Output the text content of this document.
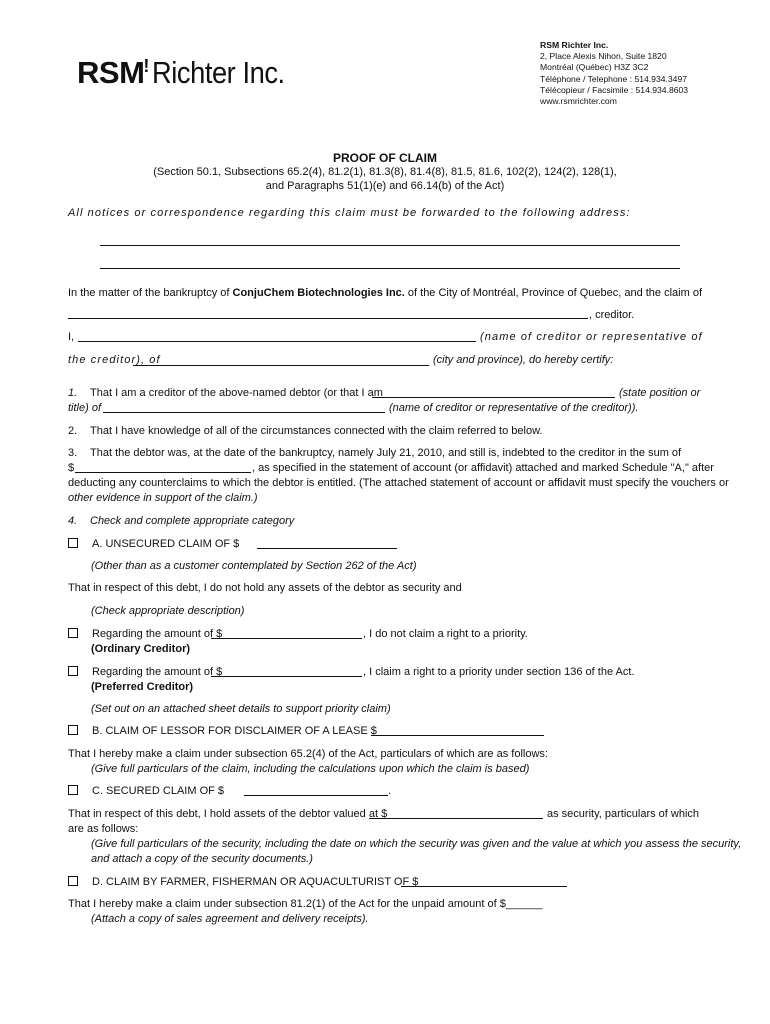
RSM!Richter Inc.
RSM Richter Inc.
2, Place Alexis Nihon, Suite 1820
Montréal (Québec) H3Z 3C2
Téléphone / Telephone : 514.934.3497
Télécopieur / Facsimile : 514.934.8603
www.rsmrichter.com
PROOF OF CLAIM
(Section 50.1, Subsections 65.2(4), 81.2(1), 81.3(8), 81.4(8), 81.5, 81.6, 102(2), 124(2), 128(1),
and Paragraphs 51(1)(e) and 66.14(b) of the Act)
All notices or correspondence regarding this claim must be forwarded to the following address:
In the matter of the bankruptcy of ConjuChem Biotechnologies Inc. of the City of Montréal, Province of Quebec, and the claim of
, creditor.
I,	(name of creditor or representative of
the creditor), of	(city and province), do hereby certify:
1. That I am a creditor of the above-named debtor (or that I am	(state position or
title) of	(name of creditor or representative of the creditor)).
2. That I have knowledge of all of the circumstances connected with the claim referred to below.
3. That the debtor was, at the date of the bankruptcy, namely July 21, 2010, and still is, indebted to the creditor in the sum of
$	, as specified in the statement of account (or affidavit) attached and marked Schedule "A," after
deducting any counterclaims to which the debtor is entitled. (The attached statement of account or affidavit must specify the vouchers or
other evidence in support of the claim.)
4. Check and complete appropriate category
A. UNSECURED CLAIM OF $
(Other than as a customer contemplated by Section 262 of the Act)
That in respect of this debt, I do not hold any assets of the debtor as security and
(Check appropriate description)
Regarding the amount of $	, I do not claim a right to a priority.
(Ordinary Creditor)
Regarding the amount of $	, I claim a right to a priority under section 136 of the Act.
(Preferred Creditor)
(Set out on an attached sheet details to support priority claim)
B. CLAIM OF LESSOR FOR DISCLAIMER OF A LEASE $
That I hereby make a claim under subsection 65.2(4) of the Act, particulars of which are as follows:
(Give full particulars of the claim, including the calculations upon which the claim is based)
C. SECURED CLAIM OF $	.
That in respect of this debt, I hold assets of the debtor valued at $	as security, particulars of which
are as follows:
(Give full particulars of the security, including the date on which the security was given and the value at which you assess the security,
and attach a copy of the security documents.)
D. CLAIM BY FARMER, FISHERMAN OR AQUACULTURIST OF $
That I hereby make a claim under subsection 81.2(1) of the Act for the unpaid amount of $______
(Attach a copy of sales agreement and delivery receipts).
